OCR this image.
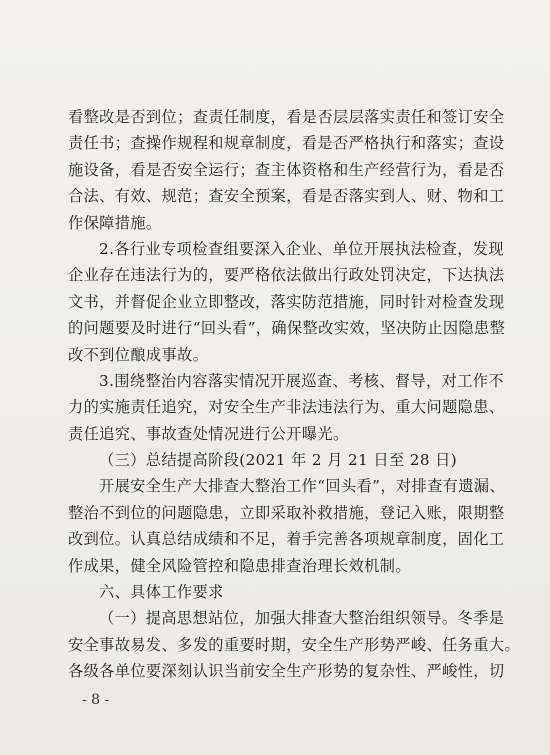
看整改是否到位；查责任制度，看是否层层落实责任和签订安全
责任书；查操作规程和规章制度，看是否严格执行和落实；查设
施设备，看是否安全运行；查主体资格和生产经营行为，看是否
合法、有效、规范；查安全预案，看是否落实到人、财、物和工
作保障措施。
2.各行业专项检查组要深入企业、单位开展执法检查，发现
企业存在违法行为的，要严格依法做出行政处罚决定，下达执法
文书，并督促企业立即整改，落实防范措施，同时针对检查发现
的问题要及时进行“回头看”，确保整改实效，坚决防止因隐患整
改不到位酿成事故。
3.围绕整治内容落实情况开展巡查、考核、督导，对工作不
力的实施责任追究，对安全生产非法违法行为、重大问题隐患、
责任追究、事故查处情况进行公开曝光。
（三）总结提高阶段(2021 年 2 月 21 日至 28 日)
开展安全生产大排查大整治工作“回头看”，对排查有遗漏、
整治不到位的问题隐患，立即采取补救措施，登记入账，限期整
改到位。认真总结成绩和不足，着手完善各项规章制度，固化工
作成果，健全风险管控和隐患排查治理长效机制。
六、具体工作要求
（一）提高思想站位，加强大排查大整治组织领导。冬季是
安全事故易发、多发的重要时期，安全生产形势严峻、任务重大。
各级各单位要深刻认识当前安全生产形势的复杂性、严峻性，切
- 8 -
